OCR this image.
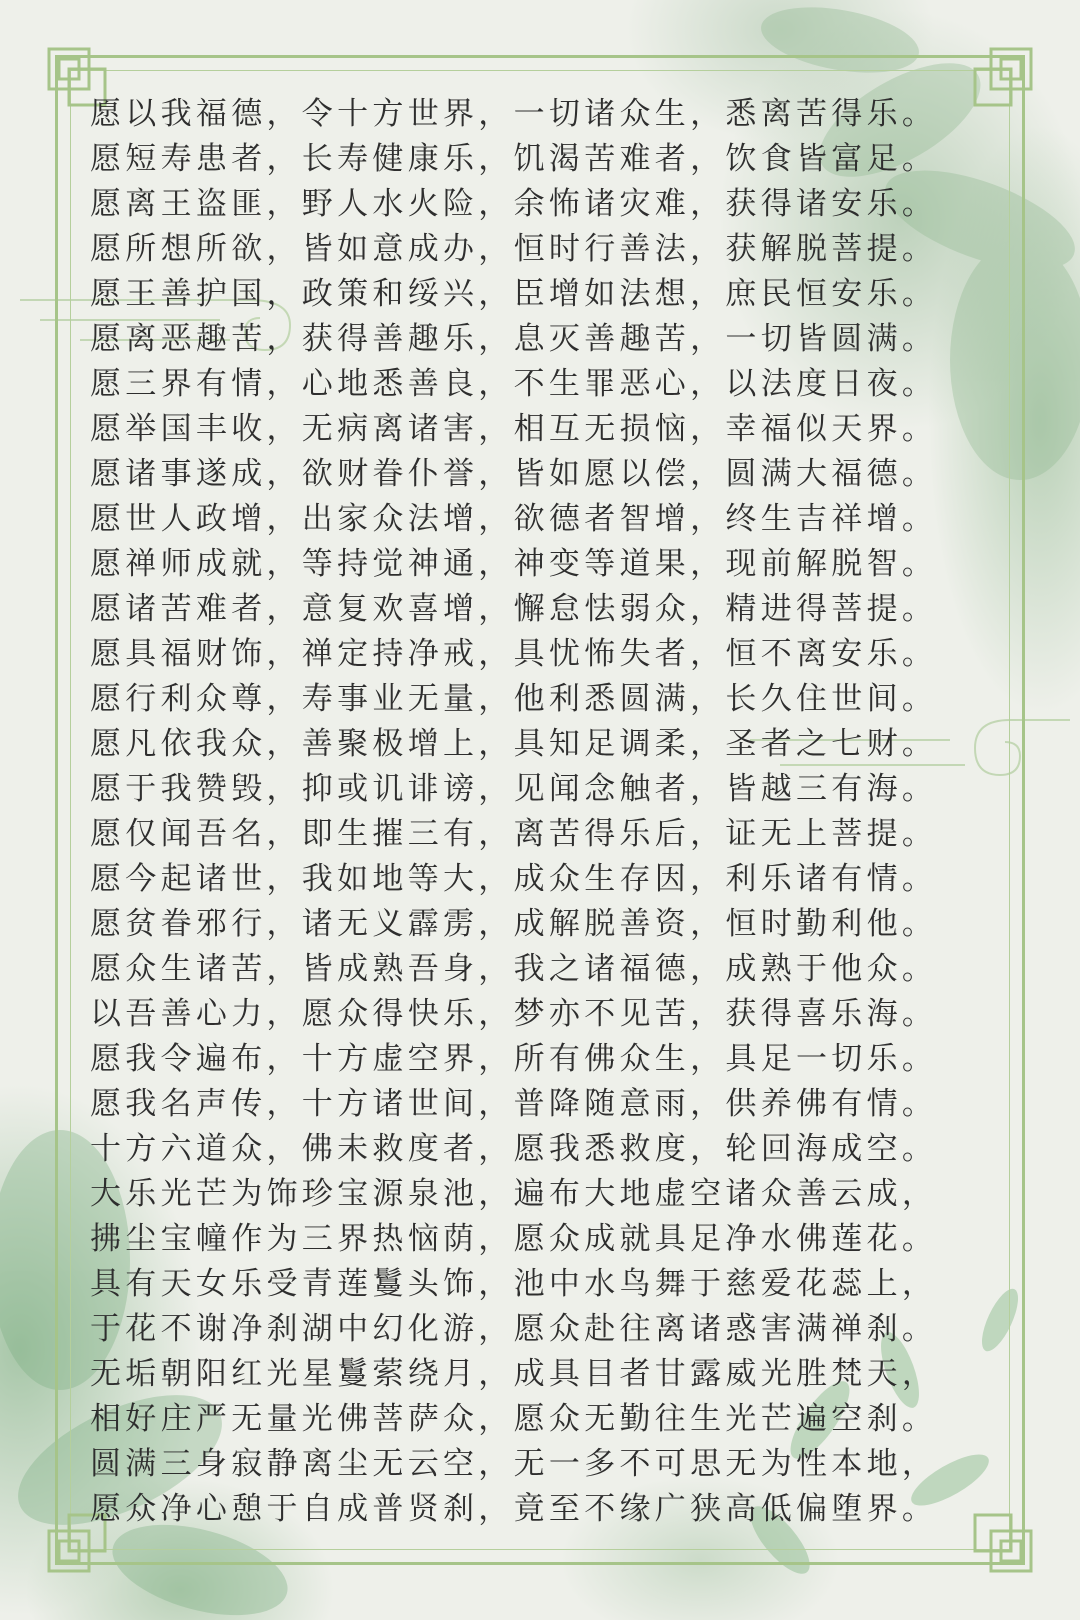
愿以我福德，令十方世界，一切诸众生，悉离苦得乐。
愿短寿患者，长寿健康乐，饥渴苦难者，饮食皆富足。
愿离王盗匪，野人水火险，余怖诸灾难，获得诸安乐。
愿所想所欲，皆如意成办，恒时行善法，获解脱菩提。
愿王善护国，政策和绥兴，臣增如法想，庶民恒安乐。
愿离恶趣苦，获得善趣乐，息灭善趣苦，一切皆圆满。
愿三界有情，心地悉善良，不生罪恶心，以法度日夜。
愿举国丰收，无病离诸害，相互无损恼，幸福似天界。
愿诸事遂成，欲财眷仆誉，皆如愿以偿，圆满大福德。
愿世人政增，出家众法增，欲德者智增，终生吉祥增。
愿禅师成就，等持觉神通，神变等道果，现前解脱智。
愿诸苦难者，意复欢喜增，懈怠怯弱众，精进得菩提。
愿具福财饰，禅定持净戒，具忧怖失者，恒不离安乐。
愿行利众尊，寿事业无量，他利悉圆满，长久住世间。
愿凡依我众，善聚极增上，具知足调柔，圣者之七财。
愿于我赞毁，抑或讥诽谤，见闻念触者，皆越三有海。
愿仅闻吾名，即生摧三有，离苦得乐后，证无上菩提。
愿今起诸世，我如地等大，成众生存因，利乐诸有情。
愿贫眷邪行，诸无义霹雳，成解脱善资，恒时勤利他。
愿众生诸苦，皆成熟吾身，我之诸福德，成熟于他众。
以吾善心力，愿众得快乐，梦亦不见苦，获得喜乐海。
愿我令遍布，十方虚空界，所有佛众生，具足一切乐。
愿我名声传，十方诸世间，普降随意雨，供养佛有情。
十方六道众，佛未救度者，愿我悉救度，轮回海成空。
大乐光芒为饰珍宝源泉池，遍布大地虚空诸众善云成，
拂尘宝幢作为三界热恼荫，愿众成就具足净水佛莲花。
具有天女乐受青莲鬘头饰，池中水鸟舞于慈爱花蕊上，
于花不谢净刹湖中幻化游，愿众赴往离诸惑害满禅刹。
无垢朝阳红光星鬘萦绕月，成具目者甘露威光胜梵天，
相好庄严无量光佛菩萨众，愿众无勤往生光芒遍空刹。
圆满三身寂静离尘无云空，无一多不可思无为性本地，
愿众净心憩于自成普贤刹，竟至不缘广狭高低偏堕界。
